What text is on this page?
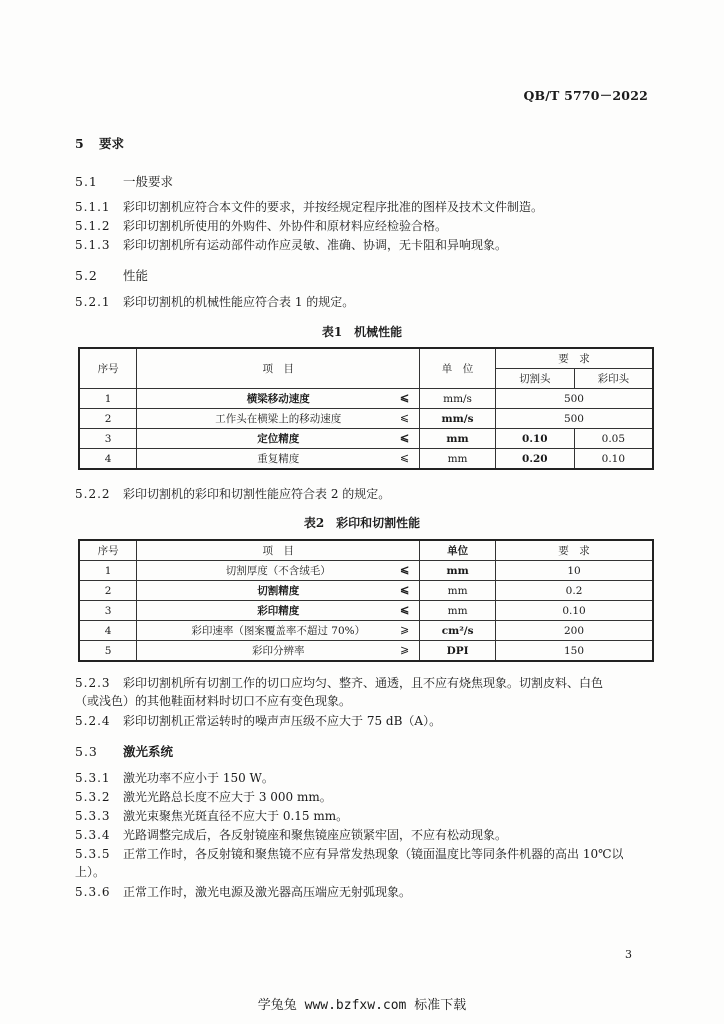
QB/T 5770－2022
5 要求
5.1 一般要求
5.1.1 彩印切割机应符合本文件的要求，并按经规定程序批准的图样及技术文件制造。
5.1.2 彩印切割机所使用的外购件、外协件和原材料应经检验合格。
5.1.3 彩印切割机所有运动部件动作应灵敏、准确、协调，无卡阻和异响现象。
5.2 性能
5.2.1 彩印切割机的机械性能应符合表 1 的规定。
表1　机械性能
序号	项　目	单　位	要　求	
			切割头	彩印头
1	横梁移动速度 ⩽	mm/s	500	
2	工作头在横梁上的移动速度 ⩽	mm/s	500	
3	定位精度 ⩽	mm	0.10	0.05
4	重复精度 ⩽	mm	0.20	0.10
5.2.2 彩印切割机的彩印和切割性能应符合表 2 的规定。
表2　彩印和切割性能
序号	项　目	单位	要　求
1	切割厚度（不含绒毛） ⩽	mm	10
2	切割精度 ⩽	mm	0.2
3	彩印精度 ⩽	mm	0.10
4	彩印速率（图案覆盖率不超过 70%） ⩾	cm²/s	200
5	彩印分辨率 ⩾	DPI	150
5.2.3 彩印切割机所有切割工作的切口应均匀、整齐、通透，且不应有烧焦现象。切割皮料、白色
（或浅色）的其他鞋面材料时切口不应有变色现象。
5.2.4 彩印切割机正常运转时的噪声声压级不应大于 75 dB（A）。
5.3 激光系统
5.3.1 激光功率不应小于 150 W。
5.3.2 激光光路总长度不应大于 3 000 mm。
5.3.3 激光束聚焦光斑直径不应大于 0.15 mm。
5.3.4 光路调整完成后，各反射镜座和聚焦镜座应锁紧牢固，不应有松动现象。
5.3.5 正常工作时，各反射镜和聚焦镜不应有异常发热现象（镜面温度比等同条件机器的高出 10℃以
上）。
5.3.6 正常工作时，激光电源及激光器高压端应无射弧现象。
3
学兔兔 www.bzfxw.com 标准下载
